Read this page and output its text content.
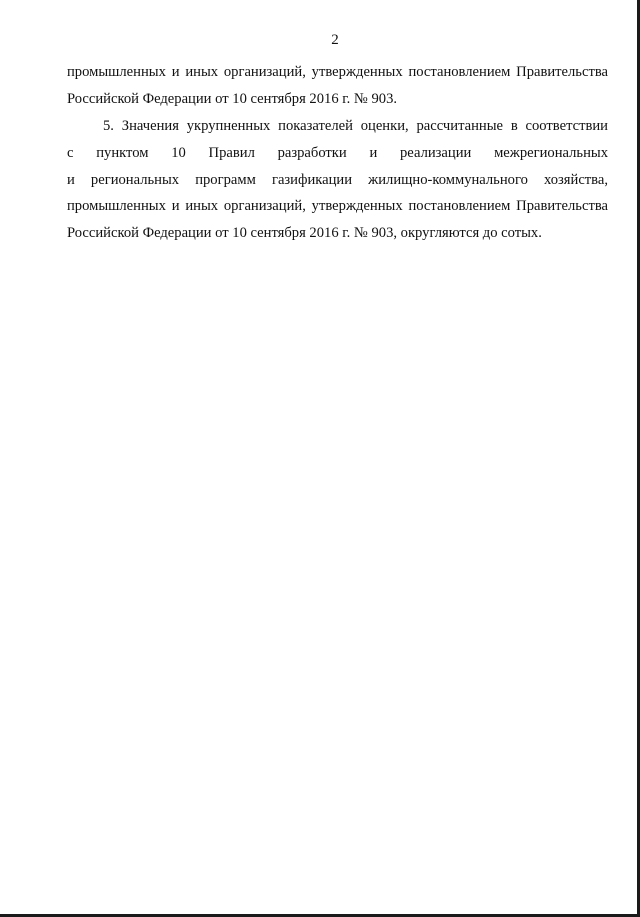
2
промышленных и иных организаций, утвержденных постановлением Правительства
Российской Федерации от 10 сентября 2016 г. № 903.
5. Значения укрупненных показателей оценки, рассчитанные в соответствии
с пунктом 10 Правил разработки и реализации межрегиональных
и региональных программ газификации жилищно-коммунального хозяйства,
промышленных и иных организаций, утвержденных постановлением Правительства
Российской Федерации от 10 сентября 2016 г. № 903, округляются до сотых.
